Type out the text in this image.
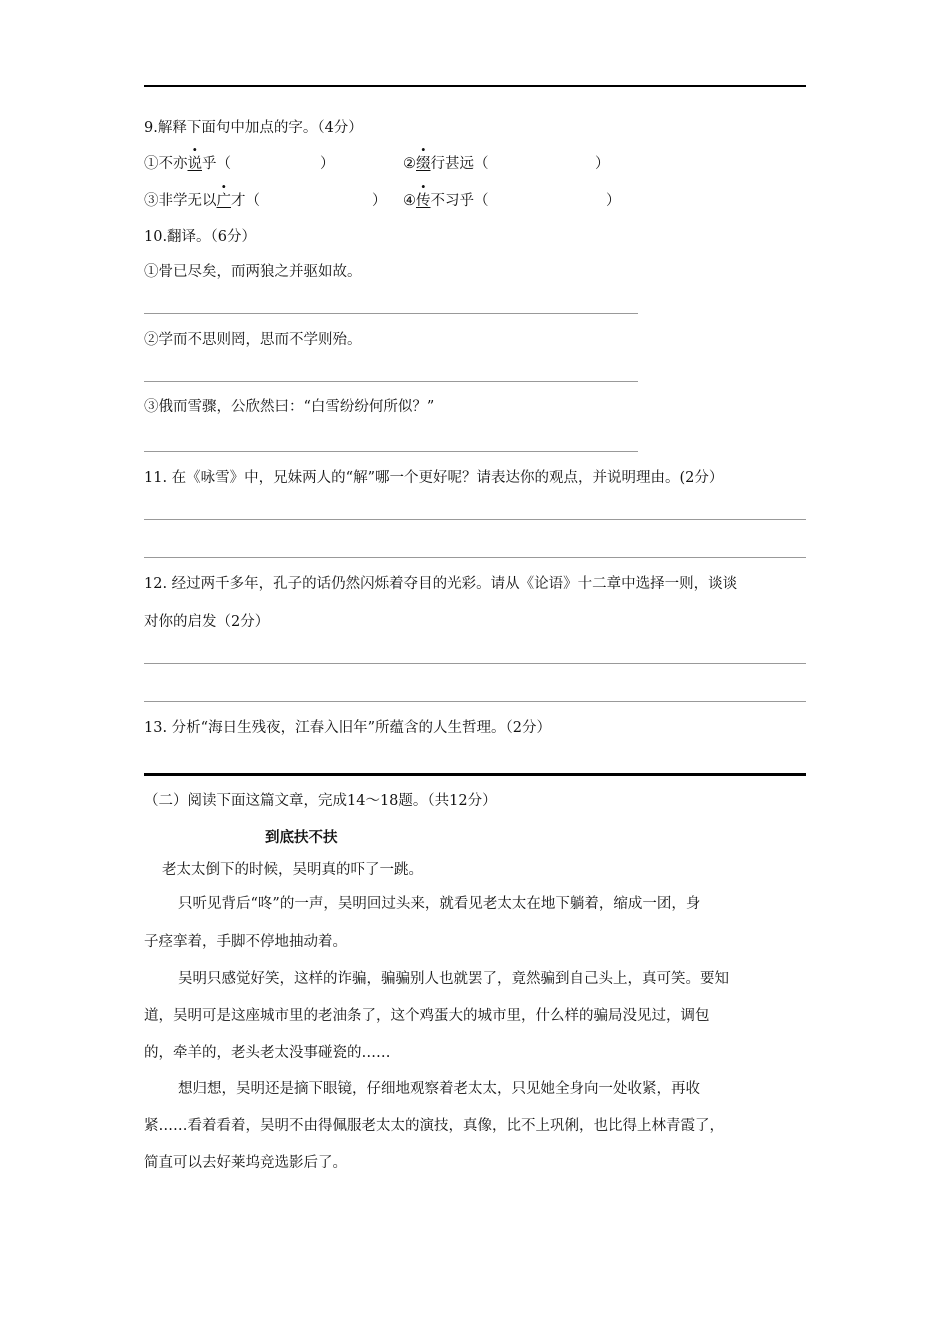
9.解释下面句中加点的字。（4分）
①不亦说乎（	）	②缀行甚远（	）
③非学无以广才（	） ④传不习乎（	）
10.翻译。（6分）
①骨已尽矣，而两狼之并驱如故。
②学而不思则罔，思而不学则殆。
③俄而雪骤，公欣然曰：“白雪纷纷何所似？”
11. 在《咏雪》中，兄妹两人的“解”哪一个更好呢？请表达你的观点，并说明理由。(2分）
12. 经过两千多年，孔子的话仍然闪烁着夺目的光彩。请从《论语》十二章中选择一则，谈谈
对你的启发（2分）
13. 分析“海日生残夜，江春入旧年”所蕴含的人生哲理。（2分）
（二）阅读下面这篇文章，完成14～18题。（共12分）
到底扶不扶
老太太倒下的时候，吴明真的吓了一跳。
只听见背后“咚”的一声，吴明回过头来，就看见老太太在地下躺着，缩成一团，身
子痉挛着，手脚不停地抽动着。
吴明只感觉好笑，这样的诈骗，骗骗别人也就罢了，竟然骗到自己头上，真可笑。要知
道，吴明可是这座城市里的老油条了，这个鸡蛋大的城市里，什么样的骗局没见过，调包
的，牵羊的，老头老太没事碰瓷的……
想归想，吴明还是摘下眼镜，仔细地观察着老太太，只见她全身向一处收紧，再收
紧……看着看着，吴明不由得佩服老太太的演技，真像，比不上巩俐，也比得上林青霞了，
简直可以去好莱坞竞选影后了。
